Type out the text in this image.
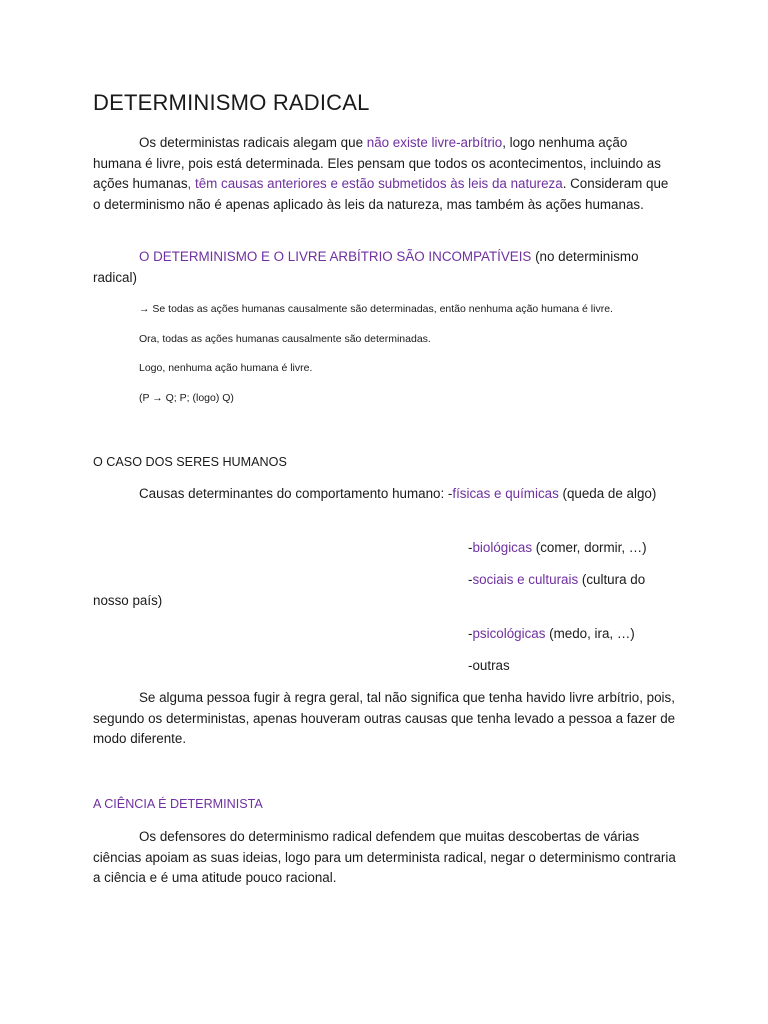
DETERMINISMO RADICAL

Os deterministas radicais alegam que não existe livre-arbítrio, logo nenhuma ação humana é livre, pois está determinada. Eles pensam que todos os acontecimentos, incluindo as ações humanas, têm causas anteriores e estão submetidos às leis da natureza. Consideram que o determinismo não é apenas aplicado às leis da natureza, mas também às ações humanas.

O DETERMINISMO E O LIVRE ARBÍTRIO SÃO INCOMPATÍVEIS (no determinismo radical)

→ Se todas as ações humanas causalmente são determinadas, então nenhuma ação humana é livre.

Ora, todas as ações humanas causalmente são determinadas.

Logo, nenhuma ação humana é livre.

(P → Q; P; (logo) Q)

O CASO DOS SERES HUMANOS

Causas determinantes do comportamento humano: -físicas e químicas (queda de algo)

-biológicas (comer, dormir, …)

-sociais e culturais (cultura do nosso país)

-psicológicas (medo, ira, …)

-outras

Se alguma pessoa fugir à regra geral, tal não significa que tenha havido livre arbítrio, pois, segundo os deterministas, apenas houveram outras causas que tenha levado a pessoa a fazer de modo diferente.

A CIÊNCIA É DETERMINISTA

Os defensores do determinismo radical defendem que muitas descobertas de várias ciências apoiam as suas ideias, logo para um determinista radical, negar o determinismo contraria a ciência e é uma atitude pouco racional.
